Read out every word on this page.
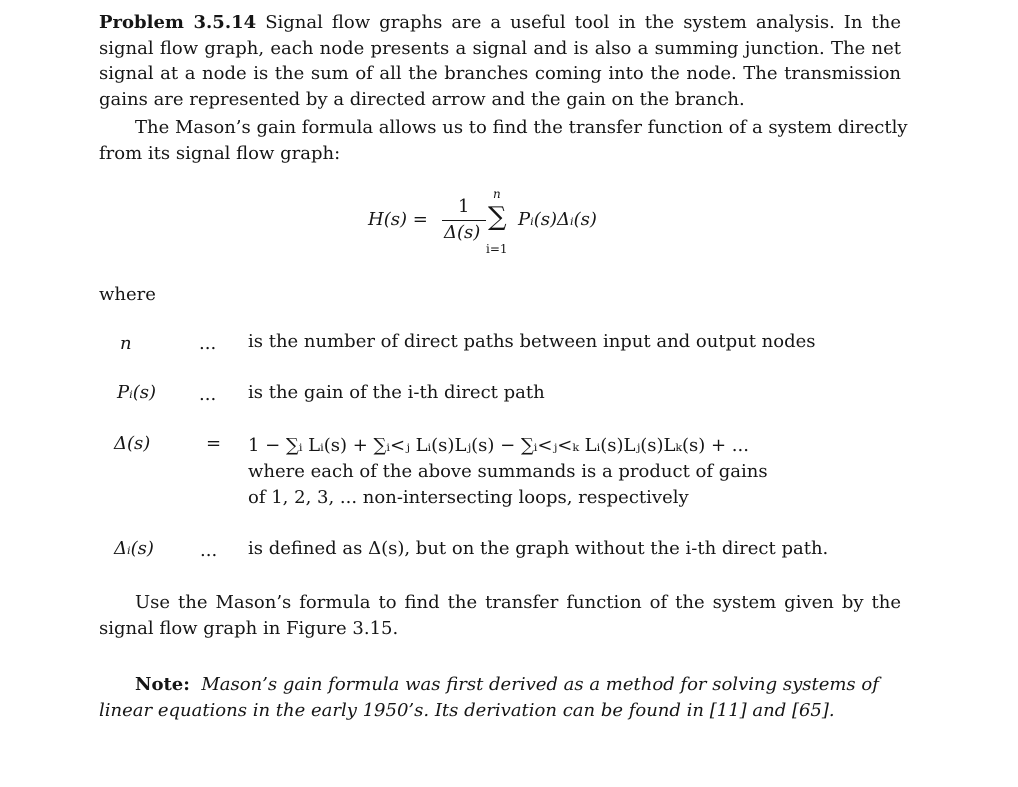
Problem 3.5.14 Signal flow graphs are a useful tool in the system analysis. In the
signal flow graph, each node presents a signal and is also a summing junction. The net
signal at a node is the sum of all the branches coming into the node. The transmission
gains are represented by a directed arrow and the gain on the branch.
The Mason’s gain formula allows us to find the transfer function of a system directly
from its signal flow graph:
H(s) =
1
Δ(s)
n
∑
i=1
Pᵢ(s)Δᵢ(s)
where
n	... is the number of direct paths between input and output nodes
Pᵢ(s) ... is the gain of the i-th direct path
Δ(s)	= 1 − ∑ᵢ Lᵢ(s) + ∑ᵢ<ⱼ Lᵢ(s)Lⱼ(s) − ∑ᵢ<ⱼ<ₖ Lᵢ(s)Lⱼ(s)Lₖ(s) + ...
where each of the above summands is a product of gains
of 1, 2, 3, ... non-intersecting loops, respectively
Δᵢ(s)	... is defined as Δ(s), but on the graph without the i-th direct path.
Use the Mason’s formula to find the transfer function of the system given by the
signal flow graph in Figure 3.15.
Note: Mason’s gain formula was first derived as a method for solving systems of
linear equations in the early 1950’s. Its derivation can be found in [11] and [65].
